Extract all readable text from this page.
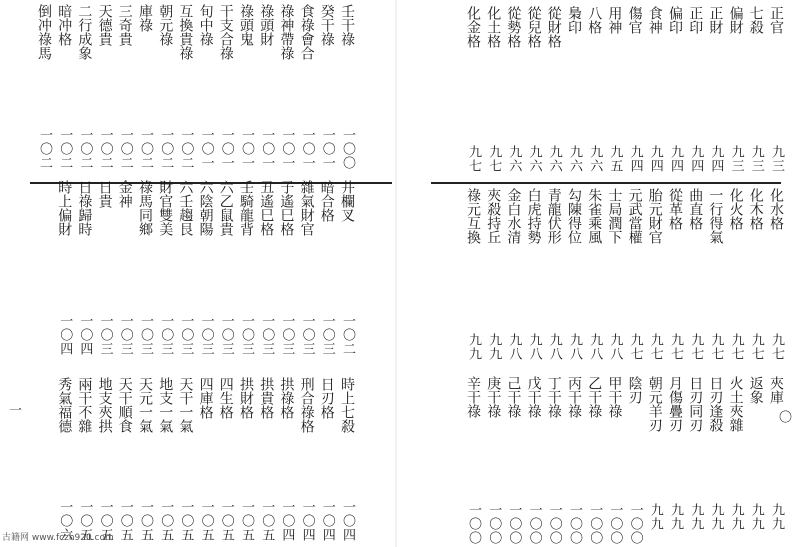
壬干祿
一〇〇
癸干祿
一〇一
食祿會合
一〇一
祿神帶祿
一〇一
祿頭財
一〇一
祿頭鬼
一〇一
干支合祿
一〇一
旬中祿
一〇一
互換貴祿
一〇二
朝元祿
一〇二
庫祿
一〇二
三奇貴
一〇二
天德貴
一〇二
二行成象
一〇二
暗冲格
一〇二
倒冲祿馬
一〇二
井欄叉
一〇二
暗合格
一〇三
雜氣財官
一〇三
子遙巳格
一〇三
丑遙巳格
一〇三
壬騎龍背
一〇三
六乙鼠貴
一〇三
六陰朝陽
一〇三
六壬趨艮
一〇三
財官雙美
一〇三
祿馬同鄉
一〇三
金神
一〇三
日貴
一〇三
日祿歸時
一〇四
時上偏財
一〇四
時上七殺
一〇四
日刃格
一〇四
刑合祿格
一〇四
拱祿格
一〇四
拱貴格
一〇五
拱財格
一〇五
四生格
一〇五
四庫格
一〇五
天干一氣
一〇五
地支一氣
一〇五
天元一氣
一〇五
天干順食
一〇五
地支夾拱
一〇五
兩干不雜
一〇五
秀氣福德
一〇六
一
正官
九三
七殺
九三
偏財
九三
正財
九四
正印
九四
偏印
九四
食神
九四
傷官
九四
用神
九五
八格
九六
梟印
九六
從財格
九六
從兒格
九六
從勢格
九六
化土格
九七
化金格
九七
化水格
九七
化木格
九七
化火格
九七
一行得氣
九七
曲直格
九七
從革格
九七
胎元財官
九七
元武當權
九七
士局潤下
九八
朱雀乘風
九八
勾陳得位
九八
青龍伏形
九八
白虎持勢
九八
金白水清
九八
夾殺持丘
九九
祿元互換
九九
夾庫
九九
返象
九九
火土夾雜
九九
日刃逢殺
九九
日刃同刃
九九
月傷疊刃
九九
朝元羊刃
九九
陰刃
一〇〇
甲干祿
一〇〇
乙干祿
一〇〇
丙干祿
一〇〇
丁干祿
一〇〇
戊干祿
一〇〇
己干祿
一〇〇
庚干祿
一〇〇
辛干祿
一〇〇
〇
古籍网 www.fczh920.com
